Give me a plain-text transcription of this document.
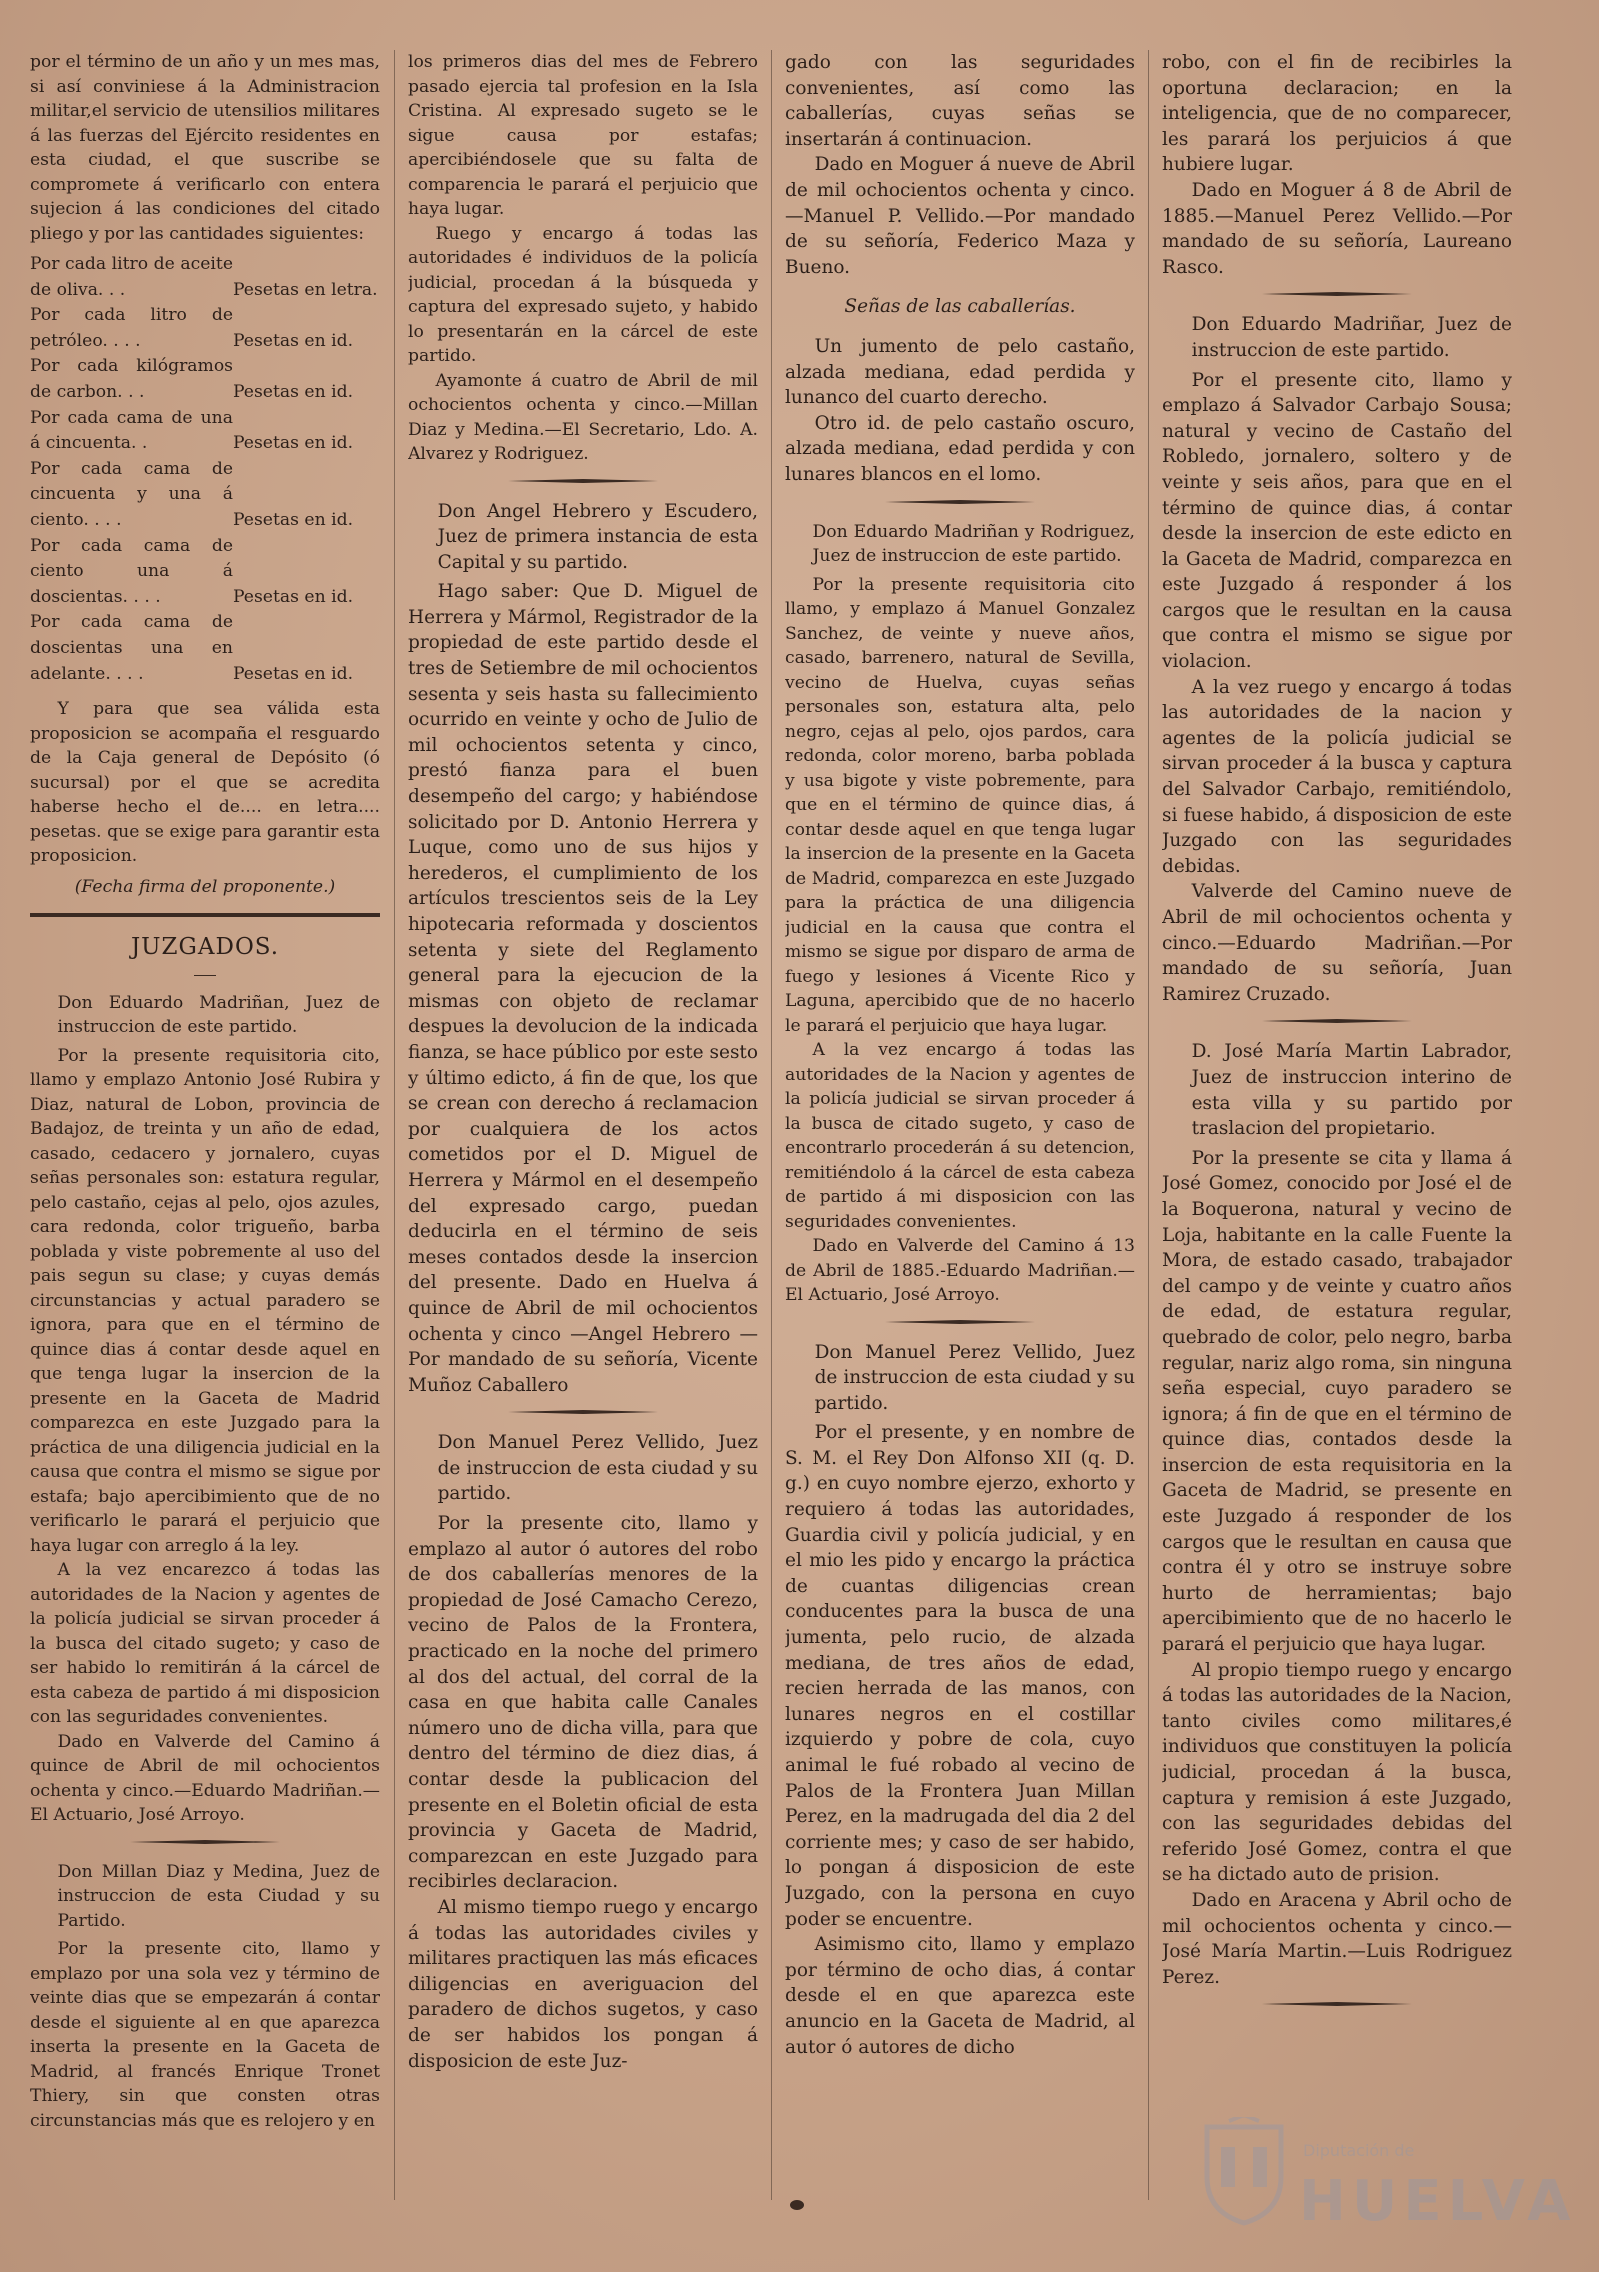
por el término de un año y un mes mas, si así conviniese á la Administracion militar,el servicio de utensilios militares á las fuerzas del Ejército residentes en esta ciudad, el que suscribe se compromete á verificarlo con entera sujecion á las condiciones del citado pliego y por las cantidades siguientes:

Por cada litro de aceite de oliva. . .	Pesetas en letra.
Por cada litro de petróleo. . . .	Pesetas en id.
Por cada kilógramos de carbon. . .	Pesetas en id.
Por cada cama de una á cincuenta. .	Pesetas en id.
Por cada cama de cincuenta y una á ciento. . . .	Pesetas en id.
Por cada cama de ciento una á doscientas. . . .	Pesetas en id.
Por cada cama de doscientas una en adelante. . . .	Pesetas en id.

Y para que sea válida esta proposicion se acompaña el resguardo de la Caja general de Depósito (ó sucursal) por el que se acredita haberse hecho el de.... en letra.... pesetas. que se exige para garantir esta proposicion.

(Fecha firma del proponente.)

JUZGADOS.

Don Eduardo Madriñan, Juez de instruccion de este partido.

Por la presente requisitoria cito, llamo y emplazo Antonio José Rubira y Diaz, natural de Lobon, provincia de Badajoz, de treinta y un año de edad, casado, cedacero y jornalero, cuyas señas personales son: estatura regular, pelo castaño, cejas al pelo, ojos azules, cara redonda, color trigueño, barba poblada y viste pobremente al uso del pais segun su clase; y cuyas demás circunstancias y actual paradero se ignora, para que en el término de quince dias á contar desde aquel en que tenga lugar la insercion de la presente en la Gaceta de Madrid comparezca en este Juzgado para la práctica de una diligencia judicial en la causa que contra el mismo se sigue por estafa; bajo apercibimiento que de no verificarlo le parará el perjuicio que haya lugar con arreglo á la ley.

A la vez encarezco á todas las autoridades de la Nacion y agentes de la policía judicial se sirvan proceder á la busca del citado sugeto; y caso de ser habido lo remitirán á la cárcel de esta cabeza de partido á mi disposicion con las seguridades convenientes.

Dado en Valverde del Camino á quince de Abril de mil ochocientos ochenta y cinco.—Eduardo Madriñan.—El Actuario, José Arroyo.

Don Millan Diaz y Medina, Juez de instruccion de esta Ciudad y su Partido.

Por la presente cito, llamo y emplazo por una sola vez y término de veinte dias que se empezarán á contar desde el siguiente al en que aparezca inserta la presente en la Gaceta de Madrid, al francés Enrique Tronet Thiery, sin que consten otras circunstancias más que es relojero y en

los primeros dias del mes de Febrero pasado ejercia tal profesion en la Isla Cristina. Al expresado sugeto se le sigue causa por estafas; apercibiéndosele que su falta de comparencia le parará el perjuicio que haya lugar.

Ruego y encargo á todas las autoridades é individuos de la policía judicial, procedan á la búsqueda y captura del expresado sujeto, y habido lo presentarán en la cárcel de este partido.

Ayamonte á cuatro de Abril de mil ochocientos ochenta y cinco.—Millan Diaz y Medina.—El Secretario, Ldo. A. Alvarez y Rodriguez.

Don Angel Hebrero y Escudero, Juez de primera instancia de esta Capital y su partido.

Hago saber: Que D. Miguel de Herrera y Mármol, Registrador de la propiedad de este partido desde el tres de Setiembre de mil ochocientos sesenta y seis hasta su fallecimiento ocurrido en veinte y ocho de Julio de mil ochocientos setenta y cinco, prestó fianza para el buen desempeño del cargo; y habiéndose solicitado por D. Antonio Herrera y Luque, como uno de sus hijos y herederos, el cumplimiento de los artículos trescientos seis de la Ley hipotecaria reformada y doscientos setenta y siete del Reglamento general para la ejecucion de la mismas con objeto de reclamar despues la devolucion de la indicada fianza, se hace público por este sesto y último edicto, á fin de que, los que se crean con derecho á reclamacion por cualquiera de los actos cometidos por el D. Miguel de Herrera y Mármol en el desempeño del expresado cargo, puedan deducirla en el término de seis meses contados desde la insercion del presente. Dado en Huelva á quince de Abril de mil ochocientos ochenta y cinco —Angel Hebrero — Por mandado de su señoría, Vicente Muñoz Caballero

Don Manuel Perez Vellido, Juez de instruccion de esta ciudad y su partido.

Por la presente cito, llamo y emplazo al autor ó autores del robo de dos caballerías menores de la propiedad de José Camacho Cerezo, vecino de Palos de la Frontera, practicado en la noche del primero al dos del actual, del corral de la casa en que habita calle Canales número uno de dicha villa, para que dentro del término de diez dias, á contar desde la publicacion del presente en el Boletin oficial de esta provincia y Gaceta de Madrid, comparezcan en este Juzgado para recibirles declaracion.

Al mismo tiempo ruego y encargo á todas las autoridades civiles y militares practiquen las más eficaces diligencias en averiguacion del paradero de dichos sugetos, y caso de ser habidos los pongan á disposicion de este Juz-

gado con las seguridades convenientes, así como las caballerías, cuyas señas se insertarán á continuacion.

Dado en Moguer á nueve de Abril de mil ochocientos ochenta y cinco.—Manuel P. Vellido.—Por mandado de su señoría, Federico Maza y Bueno.

Señas de las caballerías.

Un jumento de pelo castaño, alzada mediana, edad perdida y lunanco del cuarto derecho.

Otro id. de pelo castaño oscuro, alzada mediana, edad perdida y con lunares blancos en el lomo.

Don Eduardo Madriñan y Rodriguez, Juez de instruccion de este partido.

Por la presente requisitoria cito llamo, y emplazo á Manuel Gonzalez Sanchez, de veinte y nueve años, casado, barrenero, natural de Sevilla, vecino de Huelva, cuyas señas personales son, estatura alta, pelo negro, cejas al pelo, ojos pardos, cara redonda, color moreno, barba poblada y usa bigote y viste pobremente, para que en el término de quince dias, á contar desde aquel en que tenga lugar la insercion de la presente en la Gaceta de Madrid, comparezca en este Juzgado para la práctica de una diligencia judicial en la causa que contra el mismo se sigue por disparo de arma de fuego y lesiones á Vicente Rico y Laguna, apercibido que de no hacerlo le parará el perjuicio que haya lugar.

A la vez encargo á todas las autoridades de la Nacion y agentes de la policía judicial se sirvan proceder á la busca de citado sugeto, y caso de encontrarlo procederán á su detencion, remitiéndolo á la cárcel de esta cabeza de partido á mi disposicion con las seguridades convenientes.

Dado en Valverde del Camino á 13 de Abril de 1885.-Eduardo Madriñan.—El Actuario, José Arroyo.

Don Manuel Perez Vellido, Juez de instruccion de esta ciudad y su partido.

Por el presente, y en nombre de S. M. el Rey Don Alfonso XII (q. D. g.) en cuyo nombre ejerzo, exhorto y requiero á todas las autoridades, Guardia civil y policía judicial, y en el mio les pido y encargo la práctica de cuantas diligencias crean conducentes para la busca de una jumenta, pelo rucio, de alzada mediana, de tres años de edad, recien herrada de las manos, con lunares negros en el costillar izquierdo y pobre de cola, cuyo animal le fué robado al vecino de Palos de la Frontera Juan Millan Perez, en la madrugada del dia 2 del corriente mes; y caso de ser habido, lo pongan á disposicion de este Juzgado, con la persona en cuyo poder se encuentre.

Asimismo cito, llamo y emplazo por término de ocho dias, á contar desde el en que aparezca este anuncio en la Gaceta de Madrid, al autor ó autores de dicho

robo, con el fin de recibirles la oportuna declaracion; en la inteligencia, que de no comparecer, les parará los perjuicios á que hubiere lugar.

Dado en Moguer á 8 de Abril de 1885.—Manuel Perez Vellido.—Por mandado de su señoría, Laureano Rasco.

Don Eduardo Madriñar, Juez de instruccion de este partido.

Por el presente cito, llamo y emplazo á Salvador Carbajo Sousa; natural y vecino de Castaño del Robledo, jornalero, soltero y de veinte y seis años, para que en el término de quince dias, á contar desde la insercion de este edicto en la Gaceta de Madrid, comparezca en este Juzgado á responder á los cargos que le resultan en la causa que contra el mismo se sigue por violacion.

A la vez ruego y encargo á todas las autoridades de la nacion y agentes de la policía judicial se sirvan proceder á la busca y captura del Salvador Carbajo, remitiéndolo, si fuese habido, á disposicion de este Juzgado con las seguridades debidas.

Valverde del Camino nueve de Abril de mil ochocientos ochenta y cinco.—Eduardo Madriñan.—Por mandado de su señoría, Juan Ramirez Cruzado.

D. José María Martin Labrador, Juez de instruccion interino de esta villa y su partido por traslacion del propietario.

Por la presente se cita y llama á José Gomez, conocido por José el de la Boquerona, natural y vecino de Loja, habitante en la calle Fuente la Mora, de estado casado, trabajador del campo y de veinte y cuatro años de edad, de estatura regular, quebrado de color, pelo negro, barba regular, nariz algo roma, sin ninguna seña especial, cuyo paradero se ignora; á fin de que en el término de quince dias, contados desde la insercion de esta requisitoria en la Gaceta de Madrid, se presente en este Juzgado á responder de los cargos que le resultan en causa que contra él y otro se instruye sobre hurto de herramientas; bajo apercibimiento que de no hacerlo le parará el perjuicio que haya lugar.

Al propio tiempo ruego y encargo á todas las autoridades de la Nacion, tanto civiles como militares,é individuos que constituyen la policía judicial, procedan á la busca, captura y remision á este Juzgado, con las seguridades debidas del referido José Gomez, contra el que se ha dictado auto de prision.

Dado en Aracena y Abril ocho de mil ochocientos ochenta y cinco.—José María Martin.—Luis Rodriguez Perez.

Diputación de
HUELVA
